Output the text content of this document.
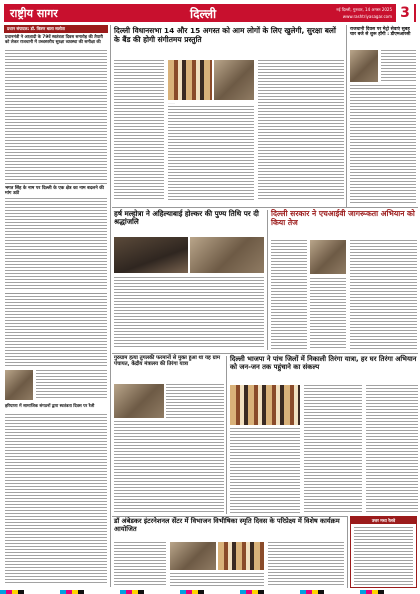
राष्ट्रीय सागर	दिल्ली	नई दिल्ली, गुरुवार, 14 अगस्त 2025
www.rashtriyasagar.com 3
प्रधान संपादक: डॉ. किरण बाला सलोता
प्रधानमंत्री ने आज़ादी के 79वें स्वतंत्रता दिवस समारोह की तैयारी को लेकर राजधानी में उच्चस्तरीय सुरक्षा व्यवस्था की समीक्षा की
भगत सिंह के नाम पर दिल्ली के एक क्षेत्र का नाम बदलने की मांग उठी
हरियाणा में सामाजिक संगठनों द्वारा स्वतंत्रता दिवस पर रैली
दिल्ली विधानसभा 14 और 15 अगस्त को आम लोगों के लिए खुलेगी, सुरक्षा बलों के बैंड की होगी संगीतमय प्रस्तुति
·······
राजधानी दिवस पर मेट्रो सेवाएं सुबह चार बजे से शुरू होंगी : डीएमआरसी
हर्ष मल्होत्रा ने अहिल्याबाई होल्कर की पुण्य तिथि पर दी श्रद्धांजलि
दिल्ली सरकार ने एचआईवी जागरूकता अभियान को किया तेज
गुरुग्राम हत्या तुगलकी फरमानों से मुक्त हुआ था यह ग्राम पंचायत, केंद्रीय मंत्रालय की तिरंगा यात्रा
दिल्ली भाजपा ने पांच जिलों में निकाली तिरंगा यात्रा, हर घर तिरंगा अभियान को जन-जन तक पहुंचाने का संकल्प
डॉ अंबेडकर इंटरनेशनल सेंटर में विभाजन विभीषिका स्मृति दिवस के परिप्रेक्ष्य में विशेष कार्यक्रम आयोजित
उत्तर मध्य रेलवे
